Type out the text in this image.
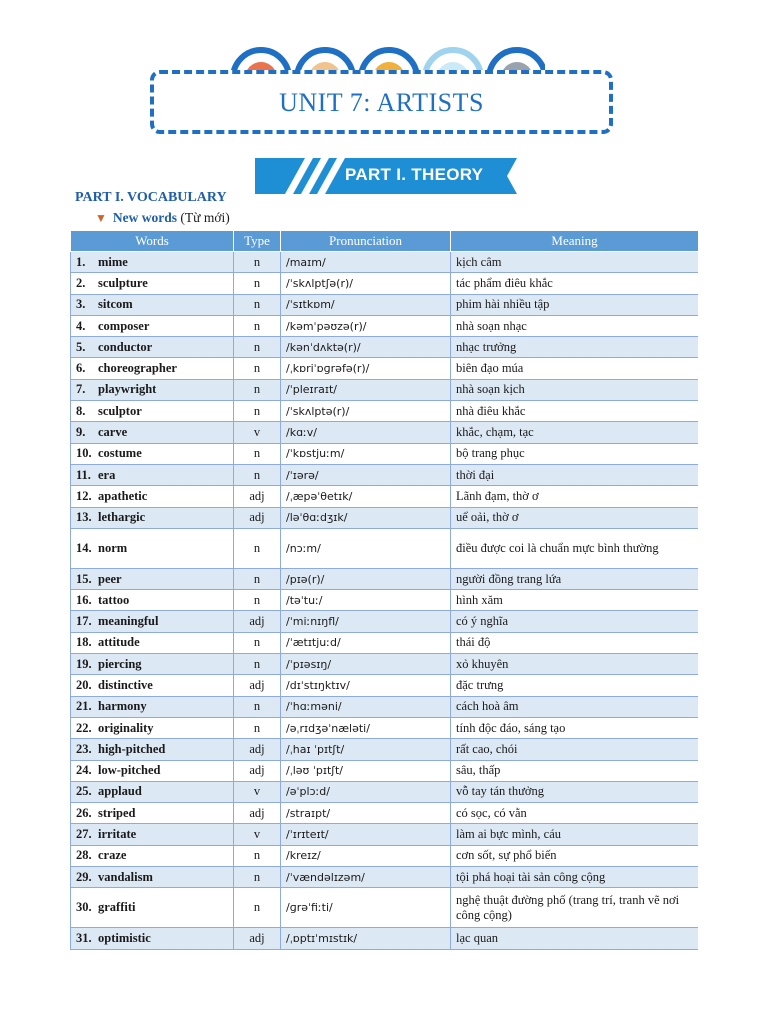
UNIT 7: ARTISTS
PART I. THEORY
PART I. VOCABULARY
▼ New words (Từ mới)
Words	Type	Pronunciation	Meaning
1. mime	n	/maɪm/	kịch câm
2. sculpture	n	/ˈskʌlptʃə(r)/	tác phẩm điêu khắc
3. sitcom	n	/ˈsɪtkɒm/	phim hài nhiều tập
4. composer	n	/kəmˈpəʊzə(r)/	nhà soạn nhạc
5. conductor	n	/kənˈdʌktə(r)/	nhạc trưởng
6. choreographer	n	/ˌkɒriˈɒɡrəfə(r)/	biên đạo múa
7. playwright	n	/ˈpleɪraɪt/	nhà soạn kịch
8. sculptor	n	/ˈskʌlptə(r)/	nhà điêu khắc
9. carve	v	/kɑːv/	khắc, chạm, tạc
10. costume	n	/ˈkɒstjuːm/	bộ trang phục
11. era	n	/ˈɪərə/	thời đại
12. apathetic	adj	/ˌæpəˈθetɪk/	Lãnh đạm, thờ ơ
13. lethargic	adj	/ləˈθɑːdʒɪk/	uể oải, thờ ơ
14. norm	n	/nɔːm/	điều được coi là chuẩn mực bình thường
15. peer	n	/pɪə(r)/	người đồng trang lứa
16. tattoo	n	/təˈtuː/	hình xăm
17. meaningful	adj	/ˈmiːnɪŋfl/	có ý nghĩa
18. attitude	n	/ˈætɪtjuːd/	thái độ
19. piercing	n	/ˈpɪəsɪŋ/	xỏ khuyên
20. distinctive	adj	/dɪˈstɪŋktɪv/	đặc trưng
21. harmony	n	/ˈhɑːməni/	cách hoà âm
22. originality	n	/əˌrɪdʒəˈnæləti/	tính độc đáo, sáng tạo
23. high-pitched	adj	/ˌhaɪ ˈpɪtʃt/	rất cao, chói
24. low-pitched	adj	/ˌləʊ ˈpɪtʃt/	sâu, thấp
25. applaud	v	/əˈplɔːd/	vỗ tay tán thưởng
26. striped	adj	/straɪpt/	có sọc, có vằn
27. irritate	v	/ˈɪrɪteɪt/	làm ai bực mình, cáu
28. craze	n	/kreɪz/	cơn sốt, sự phổ biến
29. vandalism	n	/ˈvændəlɪzəm/	tội phá hoại tài sản công cộng
30. graffiti	n	/ɡrəˈfiːti/	nghệ thuật đường phố (trang trí, tranh vẽ nơi công cộng)
31. optimistic	adj	/ˌɒptɪˈmɪstɪk/	lạc quan
